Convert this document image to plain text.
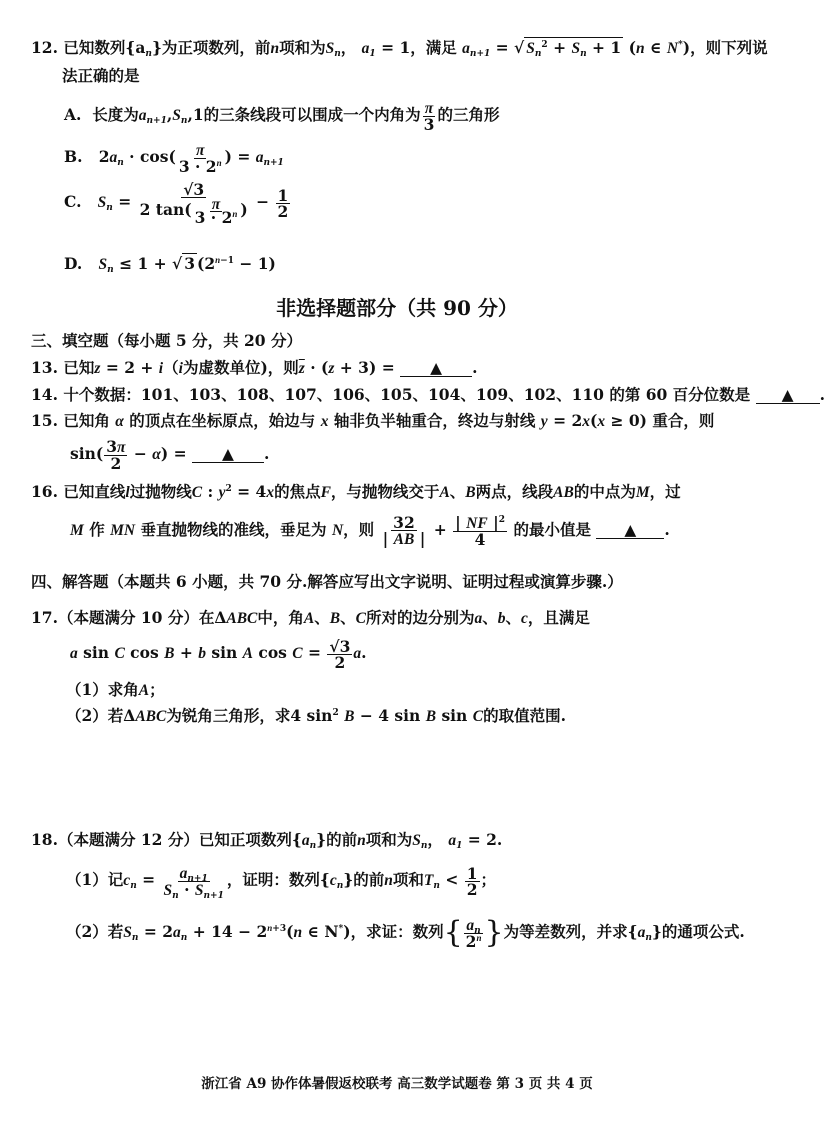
12. 已知数列$\{a_n\}$为正项数列，前n项和为$S_n$， $a_1 = 1$，满足 $a_{n+1}$ = √ $S_n^2 + S_n + 1$ (n ∈ N*)，则下列说
法正确的是
A. 长度为$a_{n+1},S_n,1$的三条线段可以围成一个内角为 $\frac{\pi}{3}$ 的三角形
B.   $2a_n \cdot \cos( \frac{\pi}{3 \cdot 2^n}$ ) = $a_{n+1}$
C. $S_n = \frac{√3}{2 \tan( \frac{\pi}{3 \cdot 2^n} )} - \frac{1}{2}$
D. $S_n \le 1$ + √ 3 $(2^{n-1} - 1)$
非选择题部分（共 90 分）
三、填空题（每小题 5 分，共 20 分）
13. 已知z = 2 + i（i为虚数单位)，则$\overline{z} \cdot (z + 3)$ = ▲ .
14. 十个数据：101、103、108、107、106、105、104、109、102、110 的第 60 百分位数是 ▲ .
15. 已知角 α 的顶点在坐标原点，始边与 x 轴非负半轴重合，终边与射线 y = 2x(x ≥ 0) 重合，则
$\sin( \frac{3\pi}{2} - \alpha)$ = ▲ .
16. 已知直线l过抛物线C : $y^2 = 4x$的焦点F，与抛物线交于A、B两点，线段AB的中点为M，过
M 作 MN 垂直抛物线的准线，垂足为 N，则 $\frac{32}{| AB |} + \frac{| NF |^2}{4}$ 的最小值是 ▲ .
四、解答题（本题共 6 小题，共 70 分.解答应写出文字说明、证明过程或演算步骤.）
17.（本题满分 10 分）在ΔABC中，角A、B、C所对的边分别为a、b、c，且满足
a sin C cos B + b sin A $\cos C = \frac{√3}{2} a$.
（1）求角A；
（2）若ΔABC为锐角三角形，求4 $\sin^2 B - 4$ sin B sin C的取值范围.
18.（本题满分 12 分）已知正项数列$\{a_n\}$的前n项和为$S_n$， $a_1 = 2$.
（1）记$c_n = \frac{a_{n+1}}{S_n \cdot S_{n+1}}$ ，证明：数列$\{c_n\}$的前n项和$T_n < \frac{1}{2}$ ；
（2）若$S_n = 2a_n + 14 - 2^{n+3}(n$ ∈ N*)，求证：数列{ $\frac{a_n}{2^n}$ }为等差数列，并求$\{a_n\}$的通项公式.
浙江省 A9 协作体暑假返校联考 高三数学试题卷 第 3 页 共 4 页
